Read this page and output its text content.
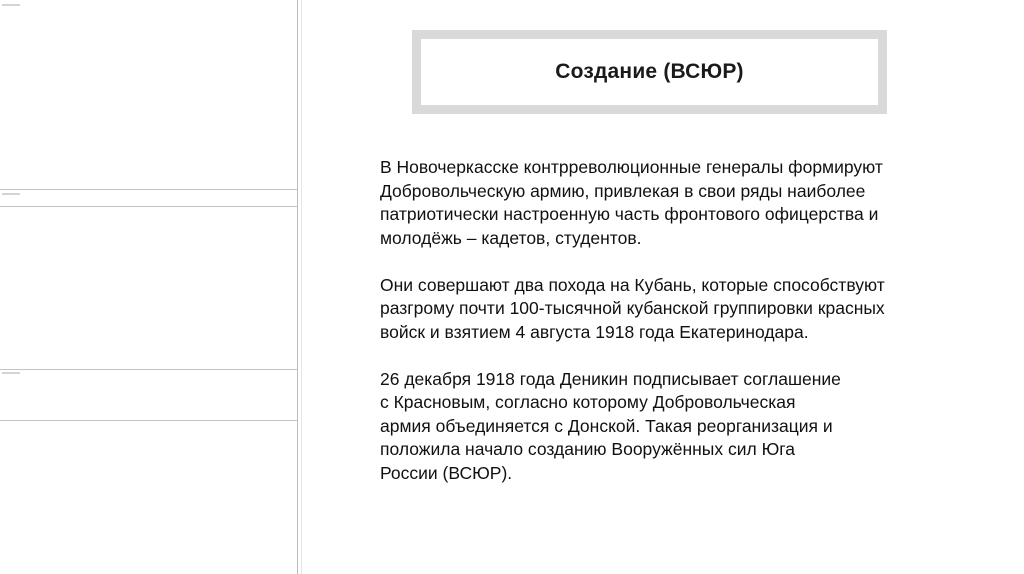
Создание (ВСЮР)

В Новочеркасске контрреволюционные генералы формируют
Добровольческую армию, привлекая в свои ряды наиболее
патриотически настроенную часть фронтового офицерства и
молодёжь – кадетов, студентов.

Они совершают два похода на Кубань, которые способствуют
разгрому почти 100-тысячной кубанской группировки красных
войск и взятием 4 августа 1918 года Екатеринодара.

26 декабря 1918 года Деникин подписывает соглашение
с Красновым, согласно которому Добровольческая
армия объединяется с Донской. Такая реорганизация и
положила начало созданию Вооружённых сил Юга
России (ВСЮР).
